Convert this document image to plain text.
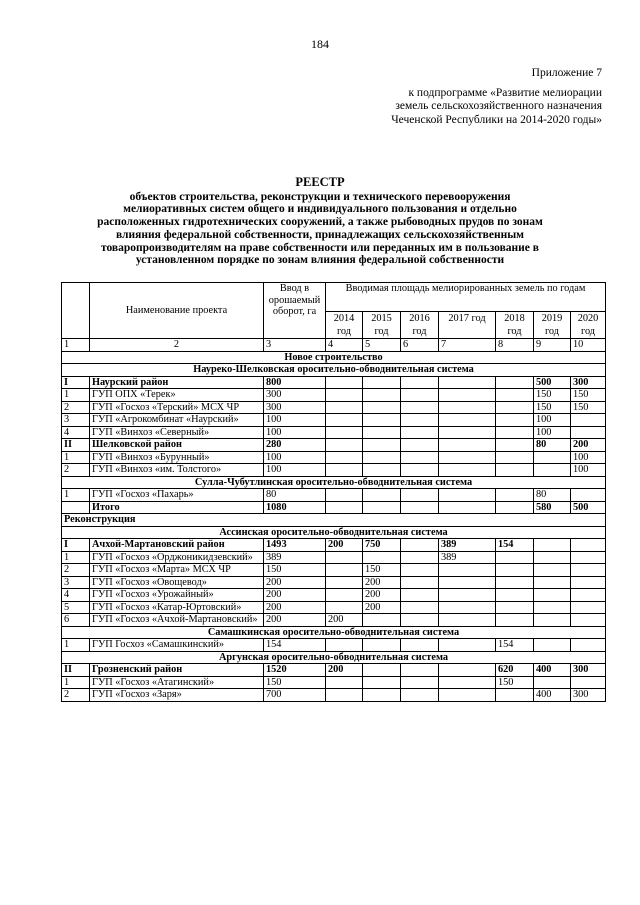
184
Приложение 7
к подпрограмме «Развитие мелиорации
земель сельскохозяйственного назначения
Чеченской Республики на 2014-2020 годы»
РЕЕСТР
объектов строительства, реконструкции и технического перевооружения
мелиоративных систем общего и индивидуального пользования и отдельно
расположенных гидротехнических сооружений, а также рыбоводных прудов по зонам
влияния федеральной собственности, принадлежащих сельскохозяйственным
товаропроизводителям на праве собственности или переданных им в пользование в
установленном порядке по зонам влияния федеральной собственности
	Наименование проекта	Ввод в орошаемый оборот, га	Вводимая площадь мелиорированных земель по годам						
			2014 год	2015 год	2016 год	2017 год	2018 год	2019 год	2020 год
1	2	3	4	5	6	7	8	9	10
Новое строительство									
Науреко-Шелковская оросительно-обводнительная система									
I	Наурский район	800						500	300
1	ГУП ОПХ «Терек»	300						150	150
2	ГУП «Госхоз «Терский» МСХ ЧР	300						150	150
3	ГУП «Агрокомбинат «Наурский»	100						100	
4	ГУП «Винхоз «Северный»	100						100	
II	Шелковской район	280						80	200
1	ГУП «Винхоз «Бурунный»	100							100
2	ГУП «Винхоз «им. Толстого»	100							100
Сулла-Чубутлинская оросительно-обводнительная система									
1	ГУП «Госхоз «Пахарь»	80						80	
	Итого	1080						580	500
Реконструкция									
Ассинская оросительно-обводнительная система									
I	Ачхой-Мартановский район	1493	200	750		389	154		
1	ГУП «Госхоз «Орджоникидзевский»	389				389			
2	ГУП «Госхоз «Марта» МСХ ЧР	150		150					
3	ГУП «Госхоз «Овощевод»	200		200					
4	ГУП «Госхоз «Урожайный»	200		200					
5	ГУП «Госхоз «Катар-Юртовский»	200		200					
6	ГУП «Госхоз «Ачхой-Мартановский»	200	200						
Самашкинская оросительно-обводнительная система									
1	ГУП Госхоз «Самашкинский»	154					154		
Аргунская оросительно-обводнительная система									
II	Грозненский район	1520	200				620	400	300
1	ГУП «Госхоз «Атагинский»	150					150		
2	ГУП «Госхоз «Заря»	700						400	300
